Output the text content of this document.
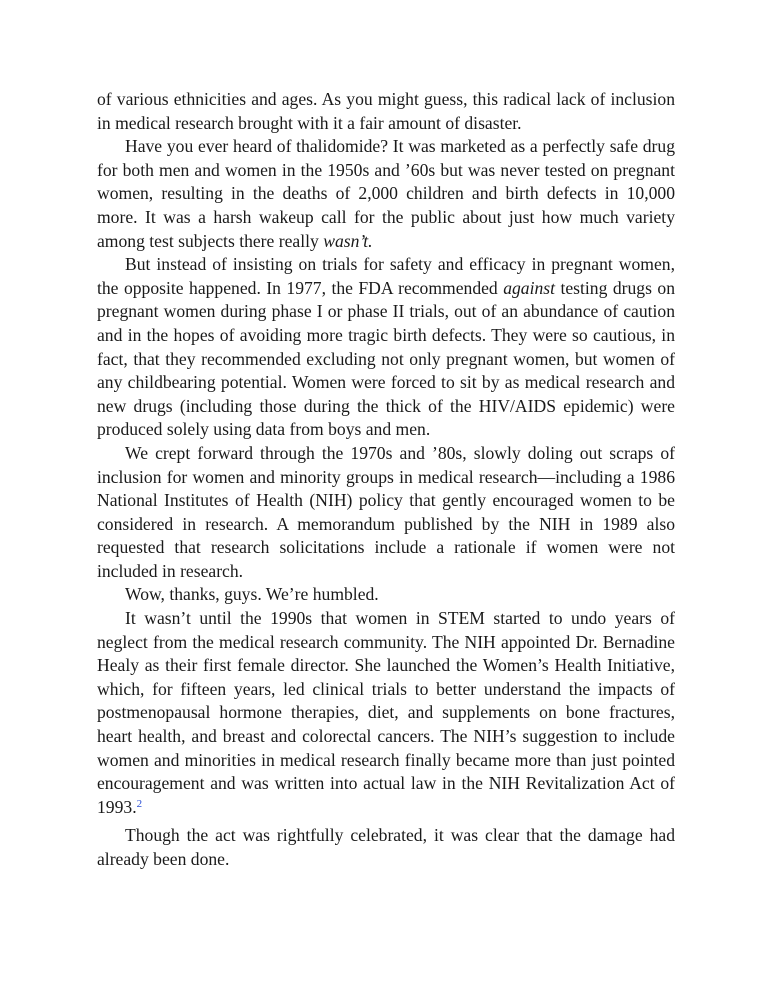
of various ethnicities and ages. As you might guess, this radical lack of inclusion in medical research brought with it a fair amount of disaster.

Have you ever heard of thalidomide? It was marketed as a perfectly safe drug for both men and women in the 1950s and ’60s but was never tested on pregnant women, resulting in the deaths of 2,000 children and birth defects in 10,000 more. It was a harsh wakeup call for the public about just how much variety among test subjects there really wasn’t.

But instead of insisting on trials for safety and efficacy in pregnant women, the opposite happened. In 1977, the FDA recommended against testing drugs on pregnant women during phase I or phase II trials, out of an abundance of caution and in the hopes of avoiding more tragic birth defects. They were so cautious, in fact, that they recommended excluding not only pregnant women, but women of any childbearing potential. Women were forced to sit by as medical research and new drugs (including those during the thick of the HIV/AIDS epidemic) were produced solely using data from boys and men.

We crept forward through the 1970s and ’80s, slowly doling out scraps of inclusion for women and minority groups in medical research—including a 1986 National Institutes of Health (NIH) policy that gently encouraged women to be considered in research. A memorandum published by the NIH in 1989 also requested that research solicitations include a rationale if women were not included in research.

Wow, thanks, guys. We’re humbled.

It wasn’t until the 1990s that women in STEM started to undo years of neglect from the medical research community. The NIH appointed Dr. Bernadine Healy as their first female director. She launched the Women’s Health Initiative, which, for fifteen years, led clinical trials to better understand the impacts of postmenopausal hormone therapies, diet, and supplements on bone fractures, heart health, and breast and colorectal cancers. The NIH’s suggestion to include women and minorities in medical research finally became more than just pointed encouragement and was written into actual law in the NIH Revitalization Act of 1993.$^2$

Though the act was rightfully celebrated, it was clear that the damage had already been done.
